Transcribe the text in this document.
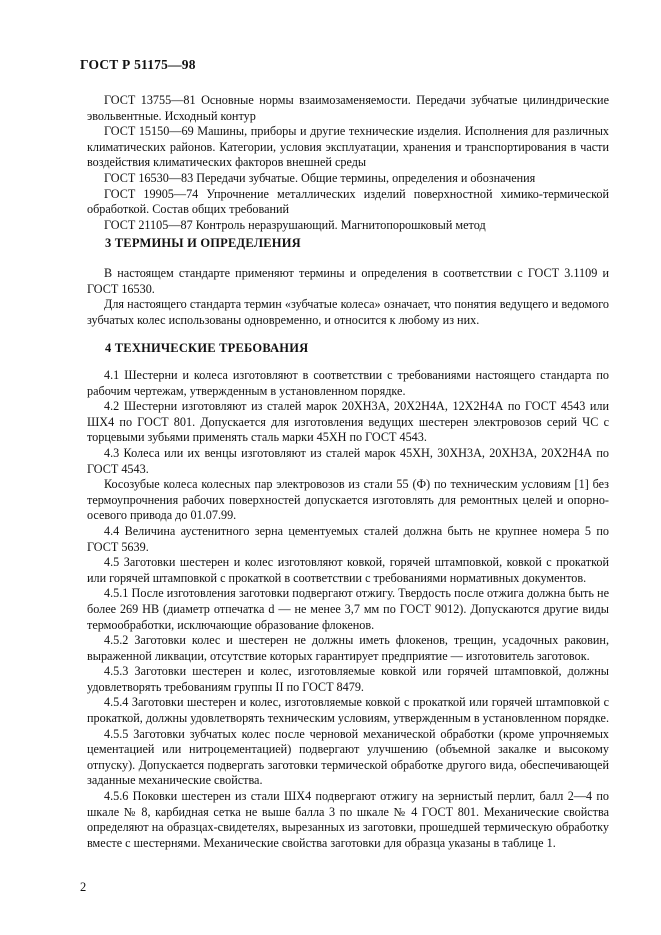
ГОСТ Р 51175—98

ГОСТ 13755—81 Основные нормы взаимозаменяемости. Передачи зубчатые цилиндрические эвольвентные. Исходный контур

ГОСТ 15150—69 Машины, приборы и другие технические изделия. Исполнения для различных климатических районов. Категории, условия эксплуатации, хранения и транспортирования в части воздействия климатических факторов внешней среды

ГОСТ 16530—83 Передачи зубчатые. Общие термины, определения и обозначения

ГОСТ 19905—74 Упрочнение металлических изделий поверхностной химико-термической обработкой. Состав общих требований

ГОСТ 21105—87 Контроль неразрушающий. Магнитопорошковый метод

3 ТЕРМИНЫ И ОПРЕДЕЛЕНИЯ

В настоящем стандарте применяют термины и определения в соответствии с ГОСТ 3.1109 и ГОСТ 16530.

Для настоящего стандарта термин «зубчатые колеса» означает, что понятия ведущего и ведомого зубчатых колес использованы одновременно, и относится к любому из них.

4 ТЕХНИЧЕСКИЕ ТРЕБОВАНИЯ

4.1 Шестерни и колеса изготовляют в соответствии с требованиями настоящего стандарта по рабочим чертежам, утвержденным в установленном порядке.

4.2 Шестерни изготовляют из сталей марок 20ХН3А, 20Х2Н4А, 12Х2Н4А по ГОСТ 4543 или ШХ4 по ГОСТ 801. Допускается для изготовления ведущих шестерен электровозов серий ЧС с торцевыми зубьями применять сталь марки 45ХН по ГОСТ 4543.

4.3 Колеса или их венцы изготовляют из сталей марок 45ХН, 30ХН3А, 20ХН3А, 20Х2Н4А по ГОСТ 4543.

Косозубые колеса колесных пар электровозов из стали 55 (Ф) по техническим условиям [1] без термоупрочнения рабочих поверхностей допускается изготовлять для ремонтных целей и опорно-осевого привода до 01.07.99.

4.4 Величина аустенитного зерна цементуемых сталей должна быть не крупнее номера 5 по ГОСТ 5639.

4.5 Заготовки шестерен и колес изготовляют ковкой, горячей штамповкой, ковкой с прокаткой или горячей штамповкой с прокаткой в соответствии с требованиями нормативных документов.

4.5.1 После изготовления заготовки подвергают отжигу. Твердость после отжига должна быть не более 269 НВ (диаметр отпечатка d — не менее 3,7 мм по ГОСТ 9012). Допускаются другие виды термообработки, исключающие образование флокенов.

4.5.2 Заготовки колес и шестерен не должны иметь флокенов, трещин, усадочных раковин, выраженной ликвации, отсутствие которых гарантирует предприятие — изготовитель заготовок.

4.5.3 Заготовки шестерен и колес, изготовляемые ковкой или горячей штамповкой, должны удовлетворять требованиям группы II по ГОСТ 8479.

4.5.4 Заготовки шестерен и колес, изготовляемые ковкой с прокаткой или горячей штамповкой с прокаткой, должны удовлетворять техническим условиям, утвержденным в установленном порядке.

4.5.5 Заготовки зубчатых колес после черновой механической обработки (кроме упрочняемых цементацией или нитроцементацией) подвергают улучшению (объемной закалке и высокому отпуску). Допускается подвергать заготовки термической обработке другого вида, обеспечивающей заданные механические свойства.

4.5.6 Поковки шестерен из стали ШХ4 подвергают отжигу на зернистый перлит, балл 2—4 по шкале № 8, карбидная сетка не выше балла 3 по шкале № 4 ГОСТ 801. Механические свойства определяют на образцах-свидетелях, вырезанных из заготовки, прошедшей термическую обработку вместе с шестернями. Механические свойства заготовки для образца указаны в таблице 1.

2
